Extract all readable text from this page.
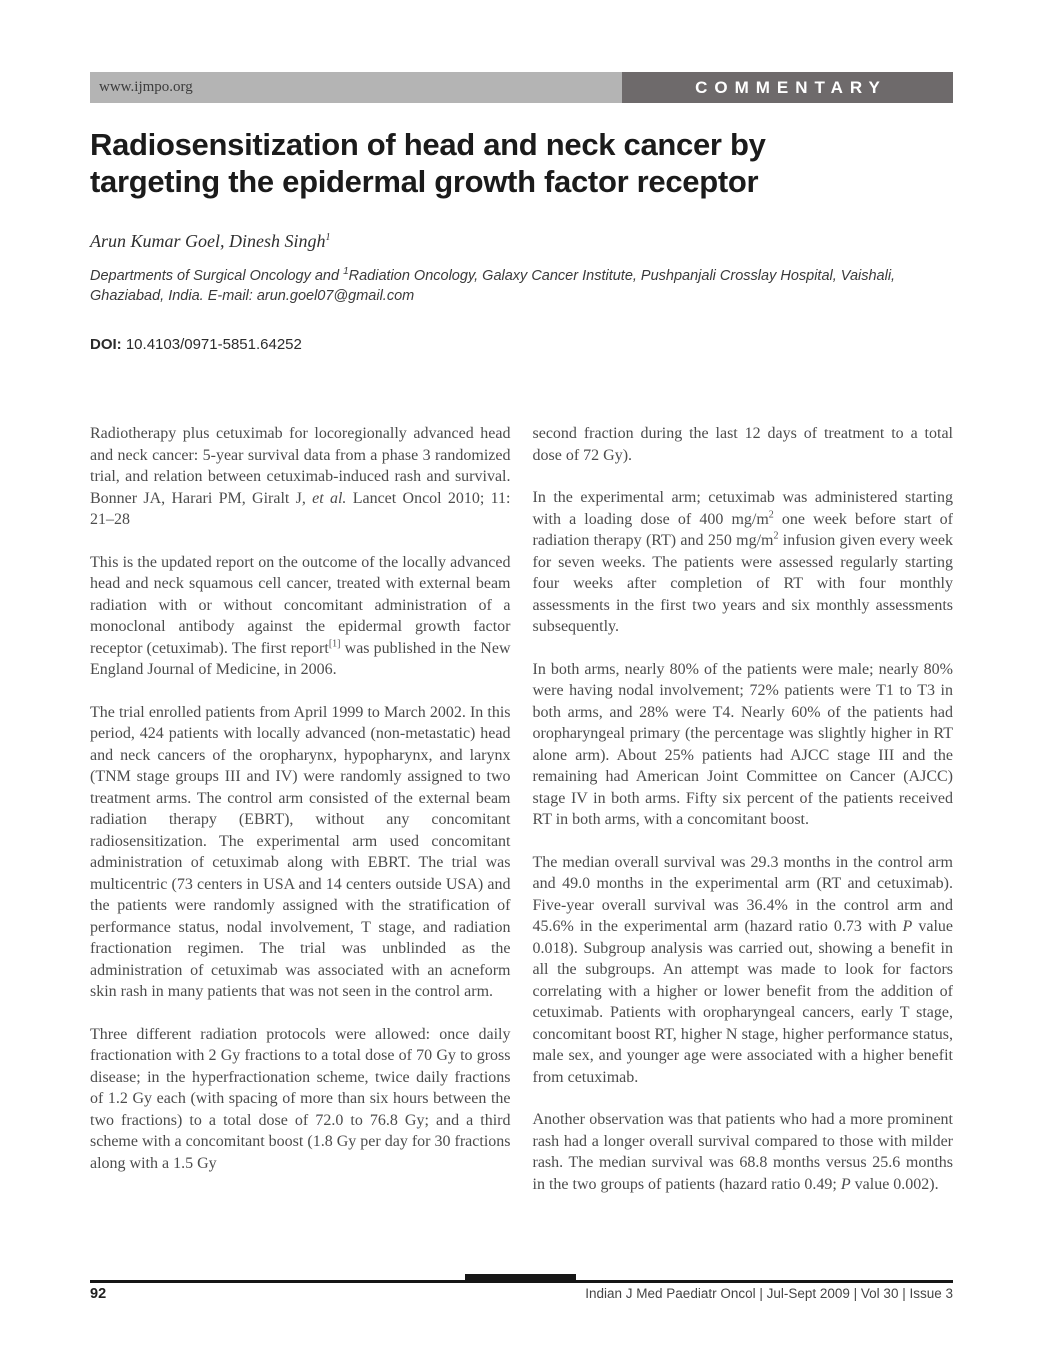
www.ijmpo.org	COMMENTARY
Radiosensitization of head and neck cancer by
targeting the epidermal growth factor receptor
Arun Kumar Goel, Dinesh Singh$^1$
Departments of Surgical Oncology and $^1$Radiation Oncology, Galaxy Cancer Institute, Pushpanjali Crosslay Hospital, Vaishali, Ghaziabad, India. E-mail: arun.goel07@gmail.com
DOI: 10.4103/0971-5851.64252

Radiotherapy plus cetuximab for locoregionally advanced head and neck cancer: 5-year survival data from a phase 3 randomized trial, and relation between cetuximab-induced rash and survival. Bonner JA, Harari PM, Giralt J, et al. Lancet Oncol 2010; 11: 21–28

This is the updated report on the outcome of the locally advanced head and neck squamous cell cancer, treated with external beam radiation with or without concomitant administration of a monoclonal antibody against the epidermal growth factor receptor (cetuximab). The first report[1] was published in the New England Journal of Medicine, in 2006.

The trial enrolled patients from April 1999 to March 2002. In this period, 424 patients with locally advanced (non-metastatic) head and neck cancers of the oropharynx, hypopharynx, and larynx (TNM stage groups III and IV) were randomly assigned to two treatment arms. The control arm consisted of the external beam radiation therapy (EBRT), without any concomitant radiosensitization. The experimental arm used concomitant administration of cetuximab along with EBRT. The trial was multicentric (73 centers in USA and 14 centers outside USA) and the patients were randomly assigned with the stratification of performance status, nodal involvement, T stage, and radiation fractionation regimen. The trial was unblinded as the administration of cetuximab was associated with an acneform skin rash in many patients that was not seen in the control arm.

Three different radiation protocols were allowed: once daily fractionation with 2 Gy fractions to a total dose of 70 Gy to gross disease; in the hyperfractionation scheme, twice daily fractions of 1.2 Gy each (with spacing of more than six hours between the two fractions) to a total dose of 72.0 to 76.8 Gy; and a third scheme with a concomitant boost (1.8 Gy per day for 30 fractions along with a 1.5 Gy

second fraction during the last 12 days of treatment to a total dose of 72 Gy).

In the experimental arm; cetuximab was administered starting with a loading dose of 400 $mg/m^2$ one week before start of radiation therapy (RT) and 250 $mg/m^2$ infusion given every week for seven weeks. The patients were assessed regularly starting four weeks after completion of RT with four monthly assessments in the first two years and six monthly assessments subsequently.

In both arms, nearly 80% of the patients were male; nearly 80% were having nodal involvement; 72% patients were T1 to T3 in both arms, and 28% were T4. Nearly 60% of the patients had oropharyngeal primary (the percentage was slightly higher in RT alone arm). About 25% patients had AJCC stage III and the remaining had American Joint Committee on Cancer (AJCC) stage IV in both arms. Fifty six percent of the patients received RT in both arms, with a concomitant boost.

The median overall survival was 29.3 months in the control arm and 49.0 months in the experimental arm (RT and cetuximab). Five-year overall survival was 36.4% in the control arm and 45.6% in the experimental arm (hazard ratio 0.73 with P value 0.018). Subgroup analysis was carried out, showing a benefit in all the subgroups. An attempt was made to look for factors correlating with a higher or lower benefit from the addition of cetuximab. Patients with oropharyngeal cancers, early T stage, concomitant boost RT, higher N stage, higher performance status, male sex, and younger age were associated with a higher benefit from cetuximab.

Another observation was that patients who had a more prominent rash had a longer overall survival compared to those with milder rash. The median survival was 68.8 months versus 25.6 months in the two groups of patients (hazard ratio 0.49; P value 0.002).

92	Indian J Med Paediatr Oncol | Jul-Sept 2009 | Vol 30 | Issue 3
